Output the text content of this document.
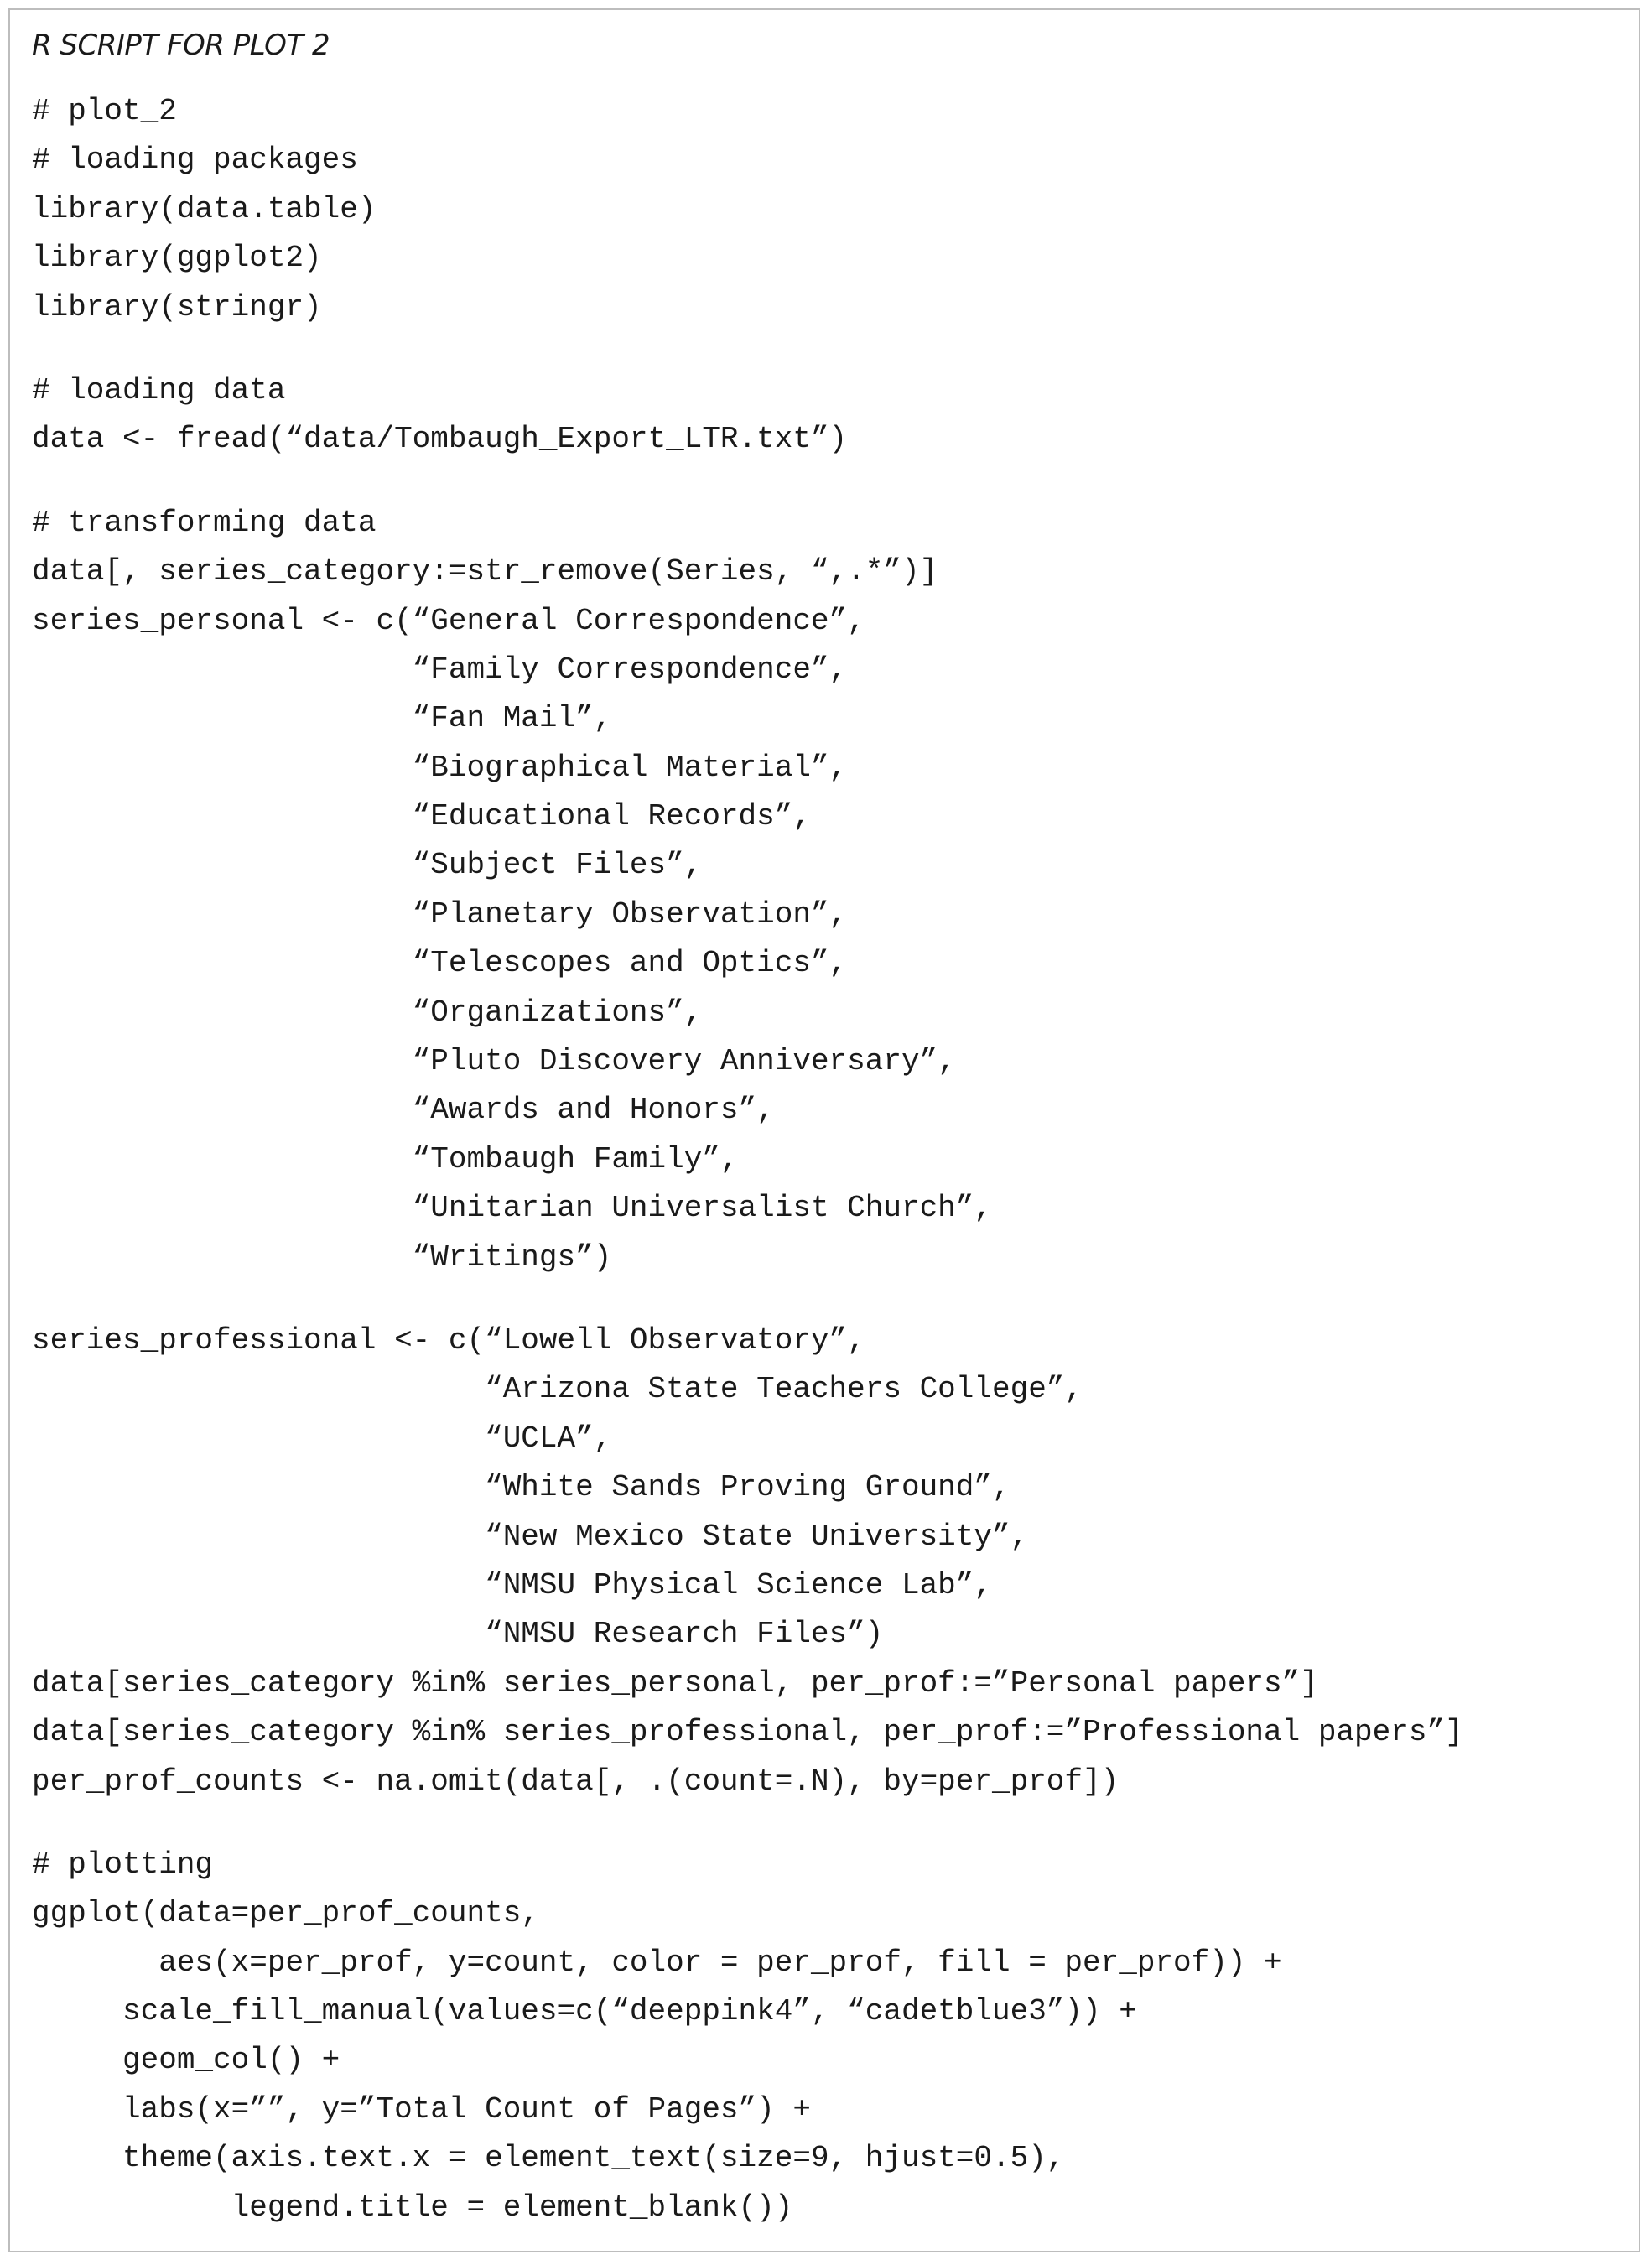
R SCRIPT FOR PLOT 2
# plot_2
# loading packages
library(data.table)
library(ggplot2)
library(stringr)
# loading data
data <- fread(“data/Tombaugh_Export_LTR.txt”)
# transforming data
data[, series_category:=str_remove(Series, “,.*”)]
series_personal <- c(“General Correspondence”,
“Family Correspondence”,
“Fan Mail”,
“Biographical Material”,
“Educational Records”,
“Subject Files”,
“Planetary Observation”,
“Telescopes and Optics”,
“Organizations”,
“Pluto Discovery Anniversary”,
“Awards and Honors”,
“Tombaugh Family”,
“Unitarian Universalist Church”,
“Writings”)
series_professional <- c(“Lowell Observatory”,
“Arizona State Teachers College”,
“UCLA”,
“White Sands Proving Ground”,
“New Mexico State University”,
“NMSU Physical Science Lab”,
“NMSU Research Files”)
data[series_category %in% series_personal, per_prof:=”Personal papers”]
data[series_category %in% series_professional, per_prof:=”Professional papers”]
per_prof_counts <- na.omit(data[, .(count=.N), by=per_prof])
# plotting
ggplot(data=per_prof_counts,
aes(x=per_prof, y=count, color = per_prof, fill = per_prof)) +
scale_fill_manual(values=c(“deeppink4”, “cadetblue3”)) +
geom_col() +
labs(x=””, y=”Total Count of Pages”) +
theme(axis.text.x = element_text(size=9, hjust=0.5),
legend.title = element_blank())
